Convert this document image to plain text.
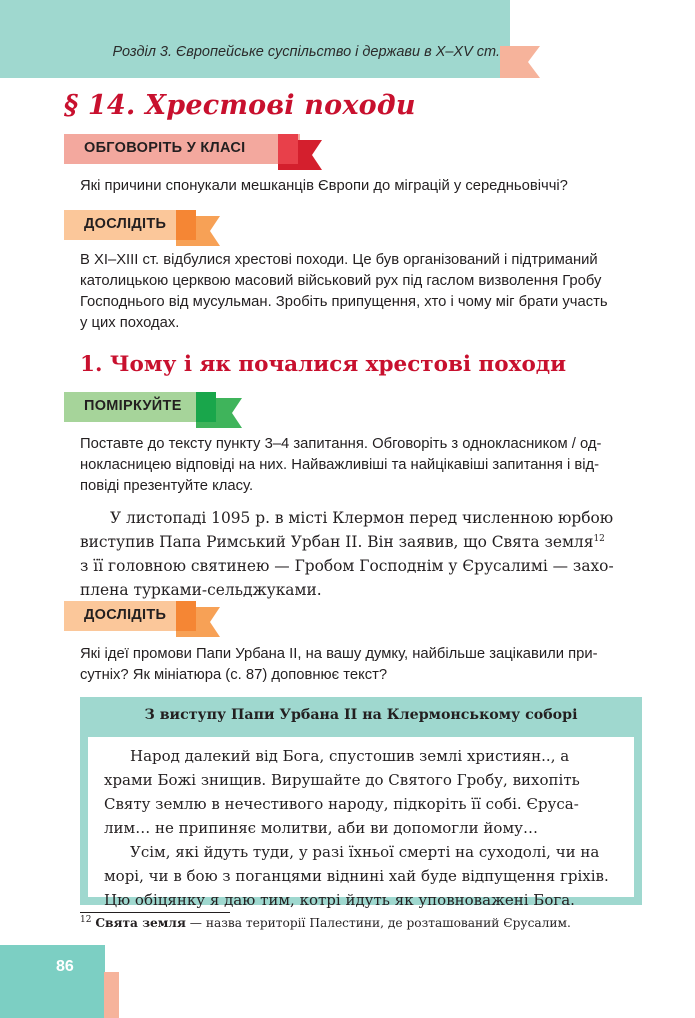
Розділ 3. Європейське суспільство і держави в X–XV ст.
§ 14. Хрестові походи
ОБГОВОРІТЬ У КЛАСІ

Які причини спонукали мешканців Європи до міграцій у середньовіччі?

ДОСЛІДІТЬ

В XI–XIII ст. відбулися хрестові походи. Це був організований і підтриманий

католицькою церквою масовий військовий рух під гаслом визволення Гробу

Господнього від мусульман. Зробіть припущення, хто і чому міг брати участь

у цих походах.

1. Чому і як почалися хрестові походи
ПОМІРКУЙТЕ

Поставте до тексту пункту 3–4 запитання. Обговоріть з однокласником / од-

нокласницею відповіді на них. Найважливіші та найцікавіші запитання і від-

повіді презентуйте класу.

У листопаді 1095 р. в місті Клермон перед численною юрбою

виступив Папа Римський Урбан II. Він заявив, що Свята земля$^{12}$

з її головною святинею — Гробом Господнім у Єрусалимі — захо-

плена турками-сельджуками.

ДОСЛІДІТЬ

Які ідеї промови Папи Урбана II, на вашу думку, найбільше зацікавили при-

сутніх? Як мініатюра (с. 87) доповнює текст?

З виступу Папи Урбана II на Клермонському соборі

Народ далекий від Бога, спустошив землі християн.., а

храми Божі знищив. Вирушайте до Святого Гробу, вихопіть

Святу землю в нечестивого народу, підкоріть її собі. Єруса-

лим… не припиняє молитви, аби ви допомогли йому…

Усім, які йдуть туди, у разі їхньої смерті на суходолі, чи на

морі, чи в бою з поганцями віднині хай буде відпущення гріхів.

Цю обіцянку я даю тим, котрі йдуть як уповноважені Бога.

$^{12}$ Свята земля — назва території Палестини, де розташований Єрусалим.
86
